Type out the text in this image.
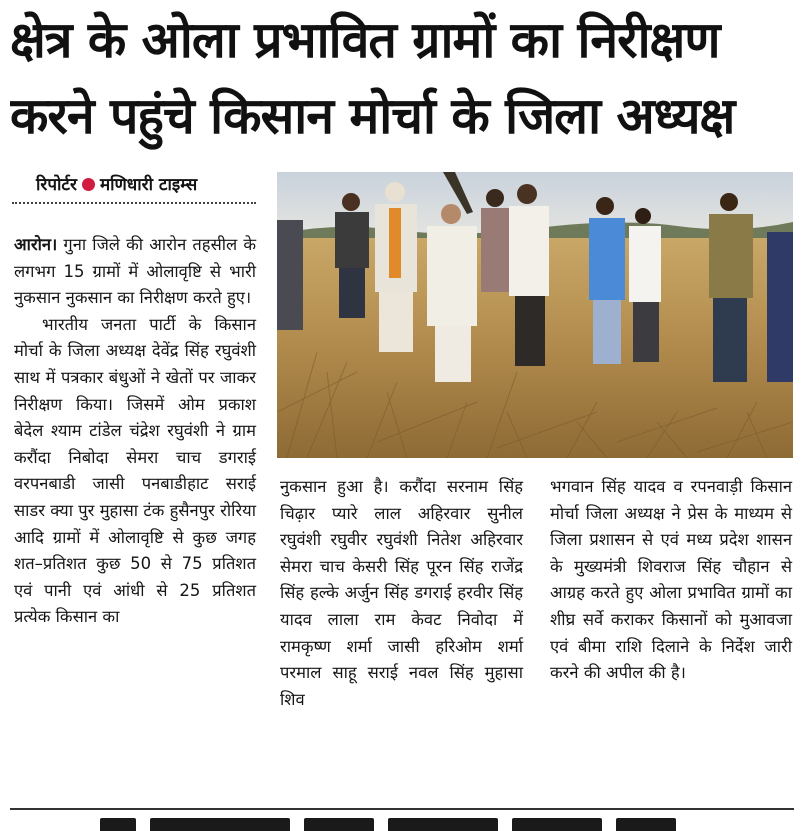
क्षेत्र के ओला प्रभावित ग्रामों का निरीक्षण
करने पहुंचे किसान मोर्चा के जिला अध्यक्ष
रिपोर्टर मणिधारी टाइम्स

आरोन। गुना जिले की आरोन तहसील के लगभग 15 ग्रामों में ओलावृष्टि से भारी नुकसान नुकसान का निरीक्षण करते हुए।

भारतीय जनता पार्टी के किसान मोर्चा के जिला अध्यक्ष देवेंद्र सिंह रघुवंशी साथ में पत्रकार बंधुओं ने खेतों पर जाकर निरीक्षण किया। जिसमें ओम प्रकाश बेदेल श्याम टांडेल चंद्रेश रघुवंशी ने ग्राम करौंदा निबोदा सेमरा चाच डगराई वरपनबाडी जासी पनबाडीहाट सराई साडर क्या पुर मुहासा टंक हुसैनपुर रोरिया आदि ग्रामों में ओलावृष्टि से कुछ जगह शत–प्रतिशत कुछ 50 से 75 प्रतिशत एवं पानी एवं आंधी से 25 प्रतिशत प्रत्येक किसान का

नुकसान हुआ है। करौंदा सरनाम सिंह चिढ़ार प्यारे लाल अहिरवार सुनील रघुवंशी रघुवीर रघुवंशी नितेश अहिरवार सेमरा चाच केसरी सिंह पूरन सिंह राजेंद्र सिंह हल्के अर्जुन सिंह डगराई हरवीर सिंह यादव लाला राम केवट निवोदा में रामकृष्ण शर्मा जासी हरिओम शर्मा परमाल साहू सराई नवल सिंह मुहासा शिव

भगवान सिंह यादव व रपनवाड़ी किसान मोर्चा जिला अध्यक्ष ने प्रेस के माध्यम से जिला प्रशासन से एवं मध्य प्रदेश शासन के मुख्यमंत्री शिवराज सिंह चौहान से आग्रह करते हुए ओला प्रभावित ग्रामों का शीघ्र सर्वे कराकर किसानों को मुआवजा एवं बीमा राशि दिलाने के निर्देश जारी करने की अपील की है।
